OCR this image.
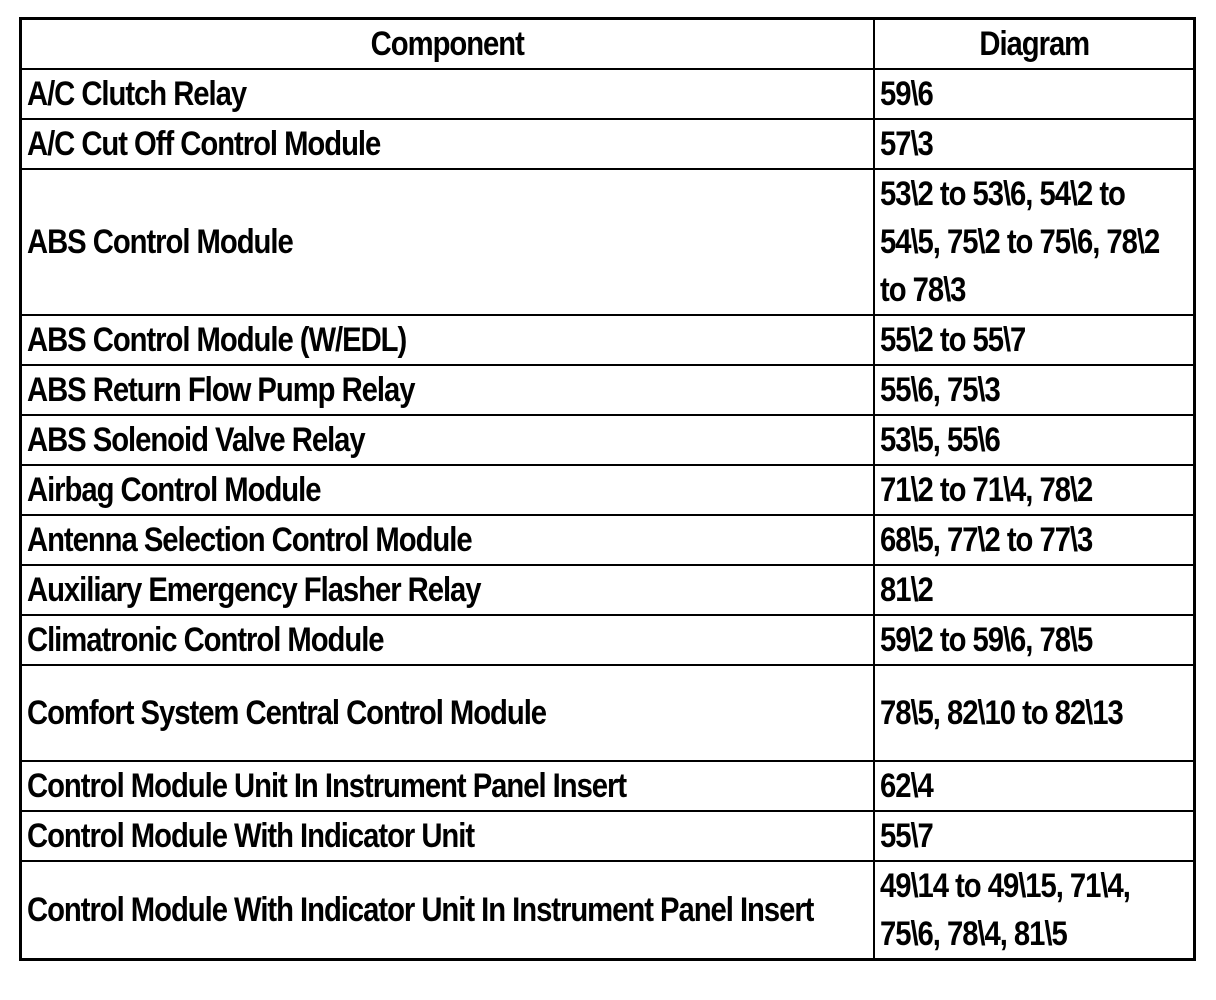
Component	Diagram

A/C Clutch Relay	59\6

A/C Cut Off Control Module	57\3

ABS Control Module	53\2 to 53\6, 54\2 to 54\5, 75\2 to 75\6, 78\2 to 78\3

ABS Control Module (W/EDL)	55\2 to 55\7

ABS Return Flow Pump Relay	55\6, 75\3

ABS Solenoid Valve Relay	53\5, 55\6

Airbag Control Module	71\2 to 71\4, 78\2

Antenna Selection Control Module	68\5, 77\2 to 77\3

Auxiliary Emergency Flasher Relay	81\2

Climatronic Control Module	59\2 to 59\6, 78\5

Comfort System Central Control Module	78\5, 82\10 to 82\13

Control Module Unit In Instrument Panel Insert	62\4

Control Module With Indicator Unit	55\7

Control Module With Indicator Unit In Instrument Panel Insert	49\14 to 49\15, 71\4, 75\6, 78\4, 81\5
